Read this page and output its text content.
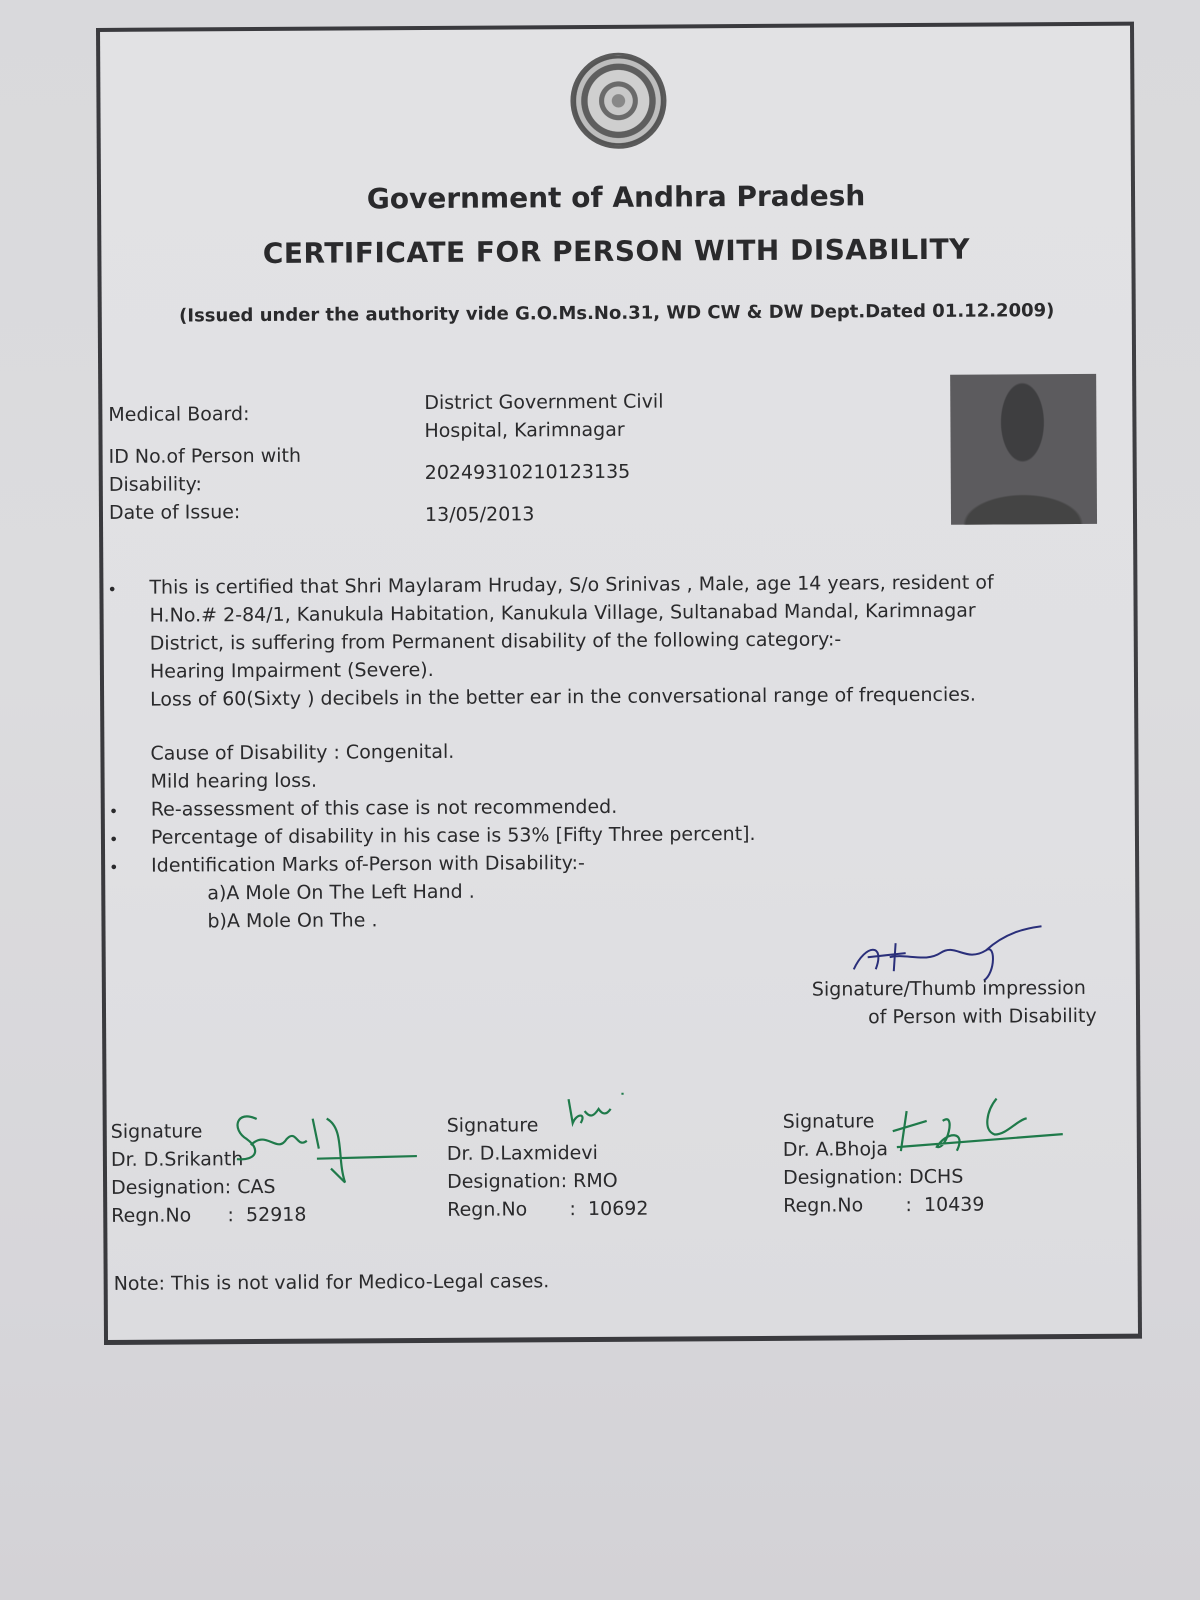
Government of Andhra Pradesh
CERTIFICATE FOR PERSON WITH DISABILITY
(Issued under the authority vide G.O.Ms.No.31, WD CW & DW Dept.Dated 01.12.2009)
Medical Board:
District Government Civil
Hospital, Karimnagar
ID No.of Person with
Disability:
20249310210123135
Date of Issue:	13/05/2013
• This is certified that Shri Maylaram Hruday, S/o Srinivas , Male, age 14 years, resident of
H.No.# 2-84/1, Kanukula Habitation, Kanukula Village, Sultanabad Mandal, Karimnagar
District, is suffering from Permanent disability of the following category:-
Hearing Impairment (Severe).
Loss of 60(Sixty ) decibels in the better ear in the conversational range of frequencies.
Cause of Disability : Congenital.
Mild hearing loss.
• Re-assessment of this case is not recommended.
• Percentage of disability in his case is 53% [Fifty Three percent].
• Identification Marks of-Person with Disability:-
a)A Mole On The Left Hand .
b)A Mole On The .
Signature/Thumb impression
of Person with Disability
Signature
Dr. D.Srikanth
Designation: CAS
Regn.No      :  52918
Signature
Dr. D.Laxmidevi
Designation: RMO
Regn.No       :  10692
Signature
Dr. A.Bhoja
Designation: DCHS
Regn.No       :  10439
Note: This is not valid for Medico-Legal cases.
